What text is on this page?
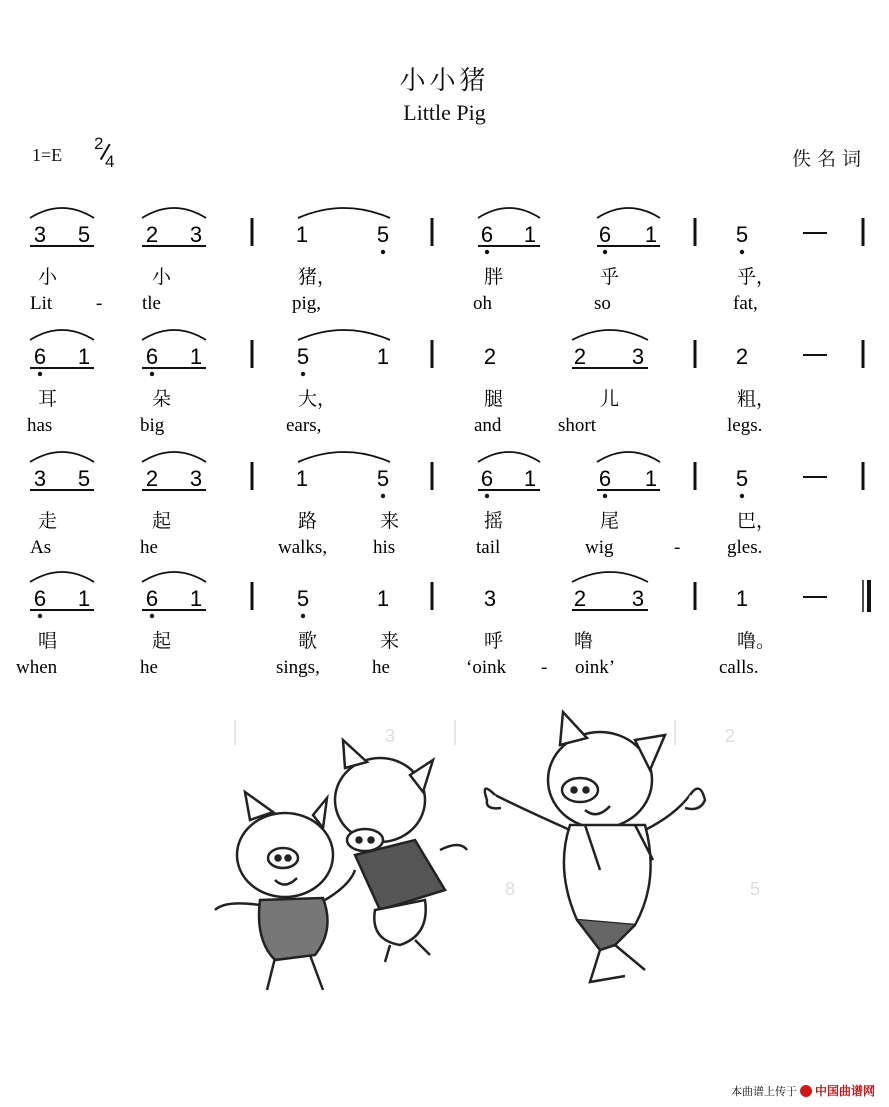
小小猪
Little Pig
1=E
2
4	佚名词
3 5	2 3	1	5	6 1	6 1	5
小	小	猪，	胖	乎	乎，
Lit - tle	pig,	oh	so	fat,
6 1	6 1	5	1	2	2 3	2
耳	朵	大，	腿	儿	粗，
has	big	ears,	and	short	legs.
3 5	2 3	1	5	6 1	6 1	5
走	起	路	来	摇	尾	巴，
As	he	walks, his	tail	wig	- gles.
6 1	6 1	5	1	3	2 3	1
唱	起	歌	来	呼	噜	噜。
when	he	sings,	he	‘oink - oink’	calls.
2
3
5
8
本曲谱上传于 中国曲谱网
